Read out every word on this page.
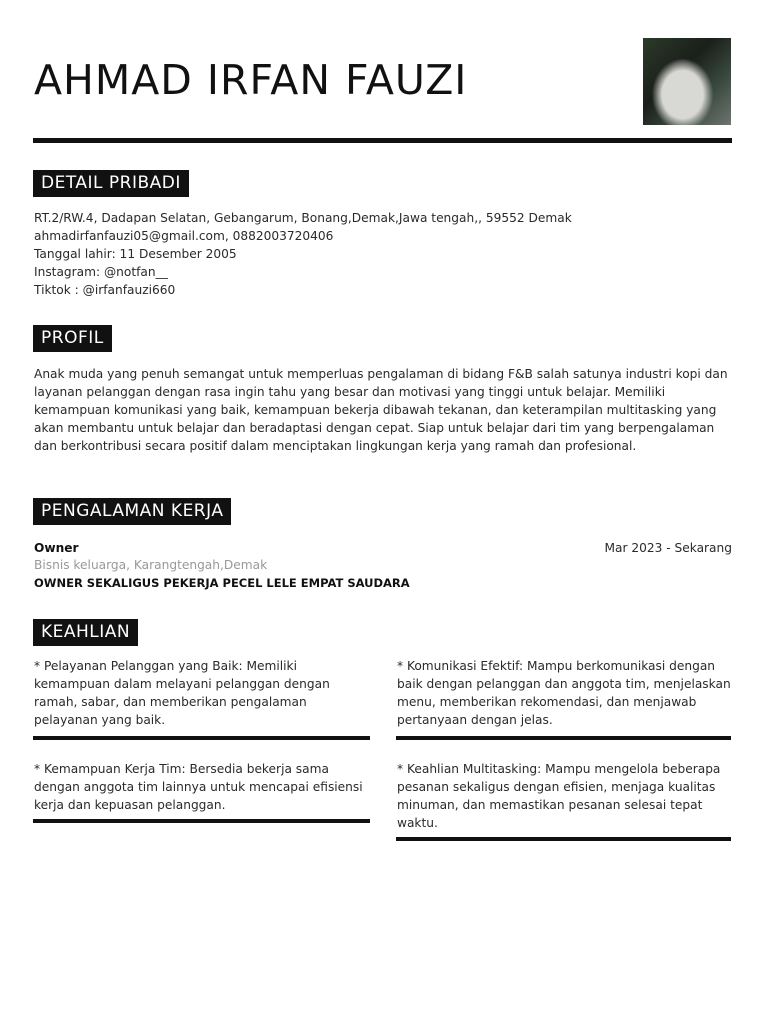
AHMAD IRFAN FAUZI
DETAIL PRIBADI
RT.2/RW.4, Dadapan Selatan, Gebangarum, Bonang,Demak,Jawa tengah,, 59552 Demak
ahmadirfanfauzi05@gmail.com, 0882003720406
Tanggal lahir: 11 Desember 2005
Instagram: @notfan__
Tiktok : @irfanfauzi660
PROFIL
Anak muda yang penuh semangat untuk memperluas pengalaman di bidang F&B salah satunya industri kopi dan layanan pelanggan dengan rasa ingin tahu yang besar dan motivasi yang tinggi untuk belajar. Memiliki kemampuan komunikasi yang baik, kemampuan bekerja dibawah tekanan, dan keterampilan multitasking yang akan membantu untuk belajar dan beradaptasi dengan cepat. Siap untuk belajar dari tim yang berpengalaman dan berkontribusi secara positif dalam menciptakan lingkungan kerja yang ramah dan profesional.
PENGALAMAN KERJA
Owner	Mar 2023 - Sekarang
Bisnis keluarga, Karangtengah,Demak
OWNER SEKALIGUS PEKERJA PECEL LELE EMPAT SAUDARA
KEAHLIAN
* Pelayanan Pelanggan yang Baik: Memiliki kemampuan dalam melayani pelanggan dengan ramah, sabar, dan memberikan pengalaman pelayanan yang baik.
* Komunikasi Efektif: Mampu berkomunikasi dengan baik dengan pelanggan dan anggota tim, menjelaskan menu, memberikan rekomendasi, dan menjawab pertanyaan dengan jelas.
* Kemampuan Kerja Tim: Bersedia bekerja sama dengan anggota tim lainnya untuk mencapai efisiensi kerja dan kepuasan pelanggan.
* Keahlian Multitasking: Mampu mengelola beberapa pesanan sekaligus dengan efisien, menjaga kualitas minuman, dan memastikan pesanan selesai tepat waktu.
